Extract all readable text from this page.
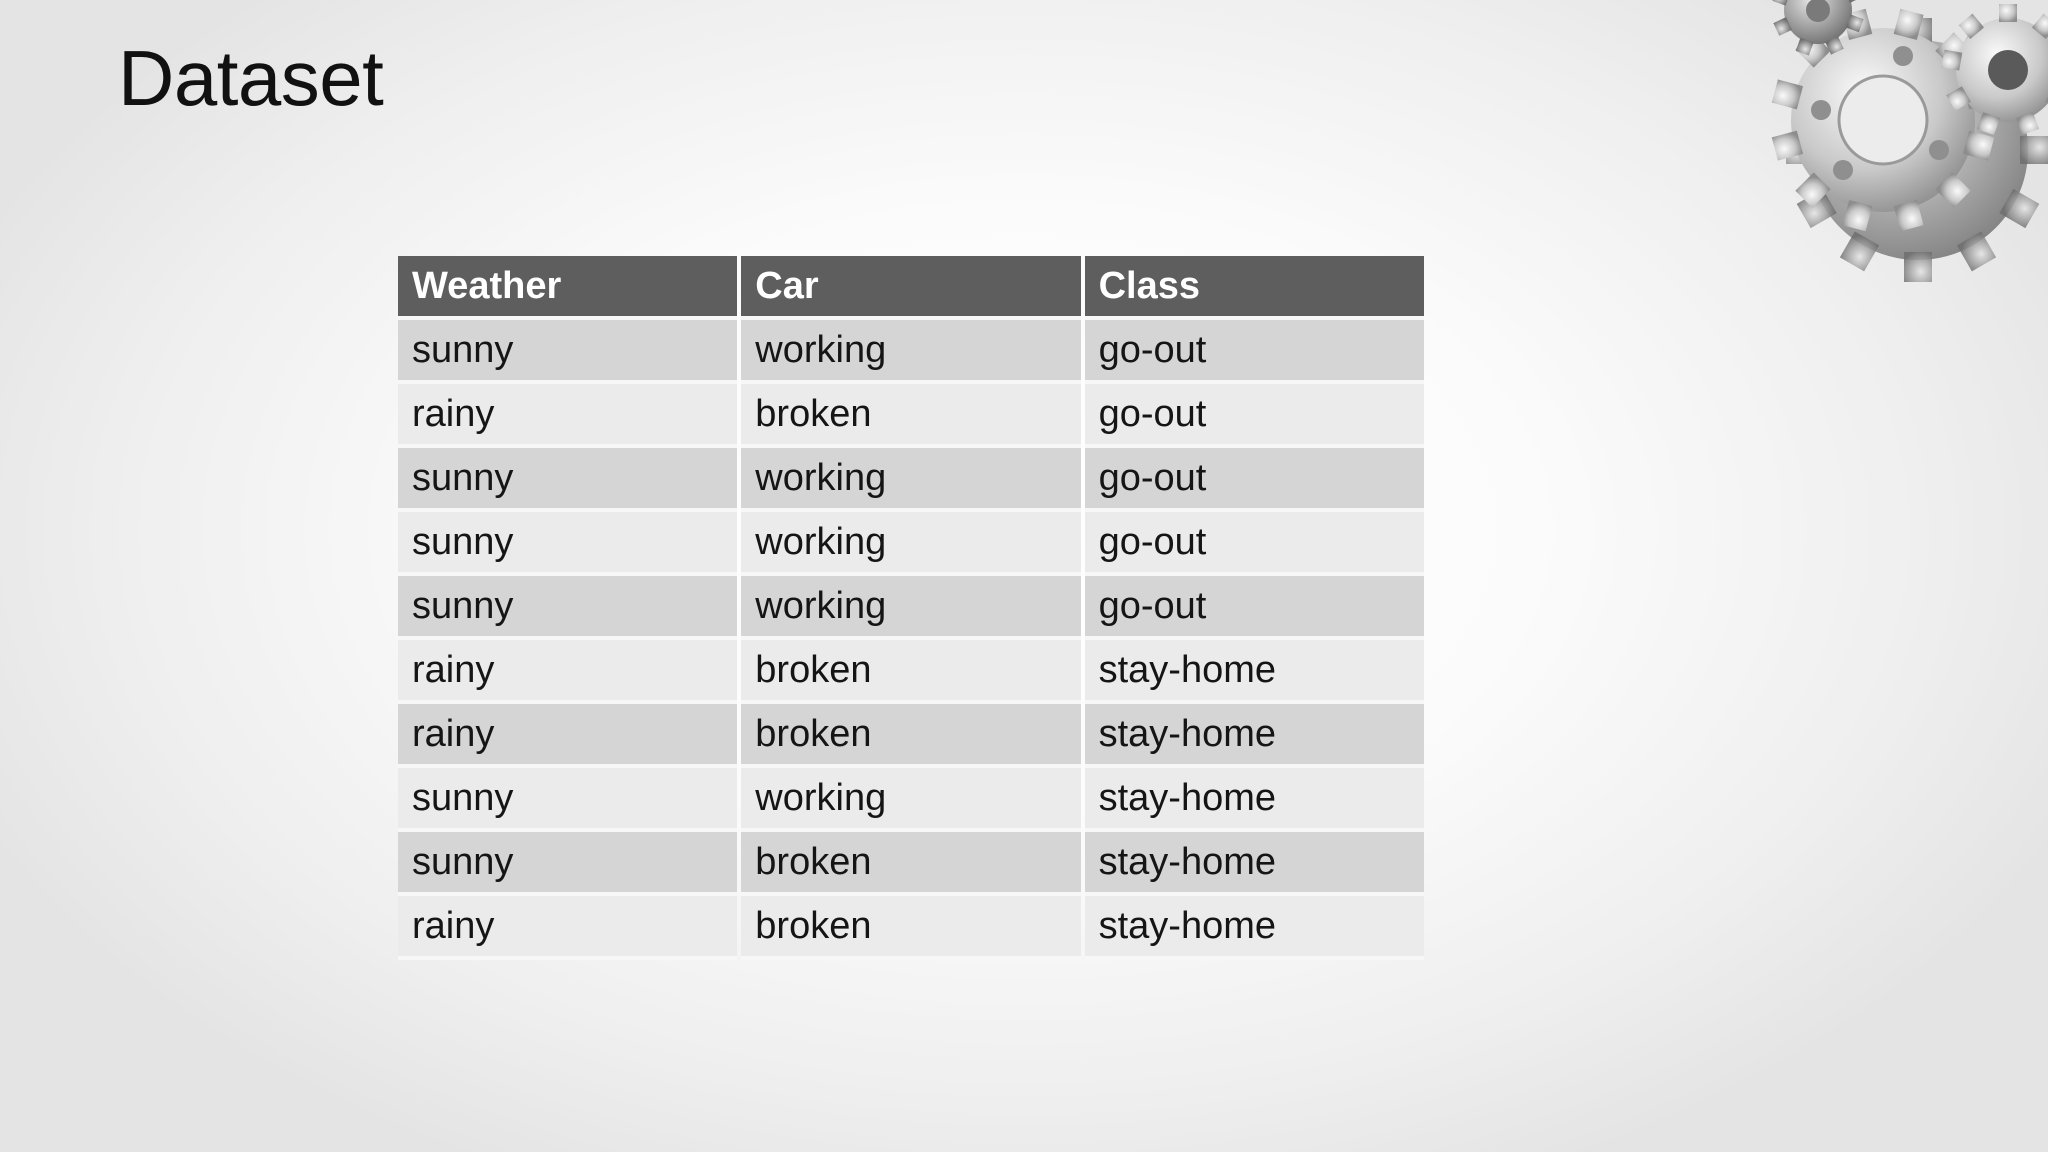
Dataset
Weather	Car	Class
sunny	working	go-out
rainy	broken	go-out
sunny	working	go-out
sunny	working	go-out
sunny	working	go-out
rainy	broken	stay-home
rainy	broken	stay-home
sunny	working	stay-home
sunny	broken	stay-home
rainy	broken	stay-home
